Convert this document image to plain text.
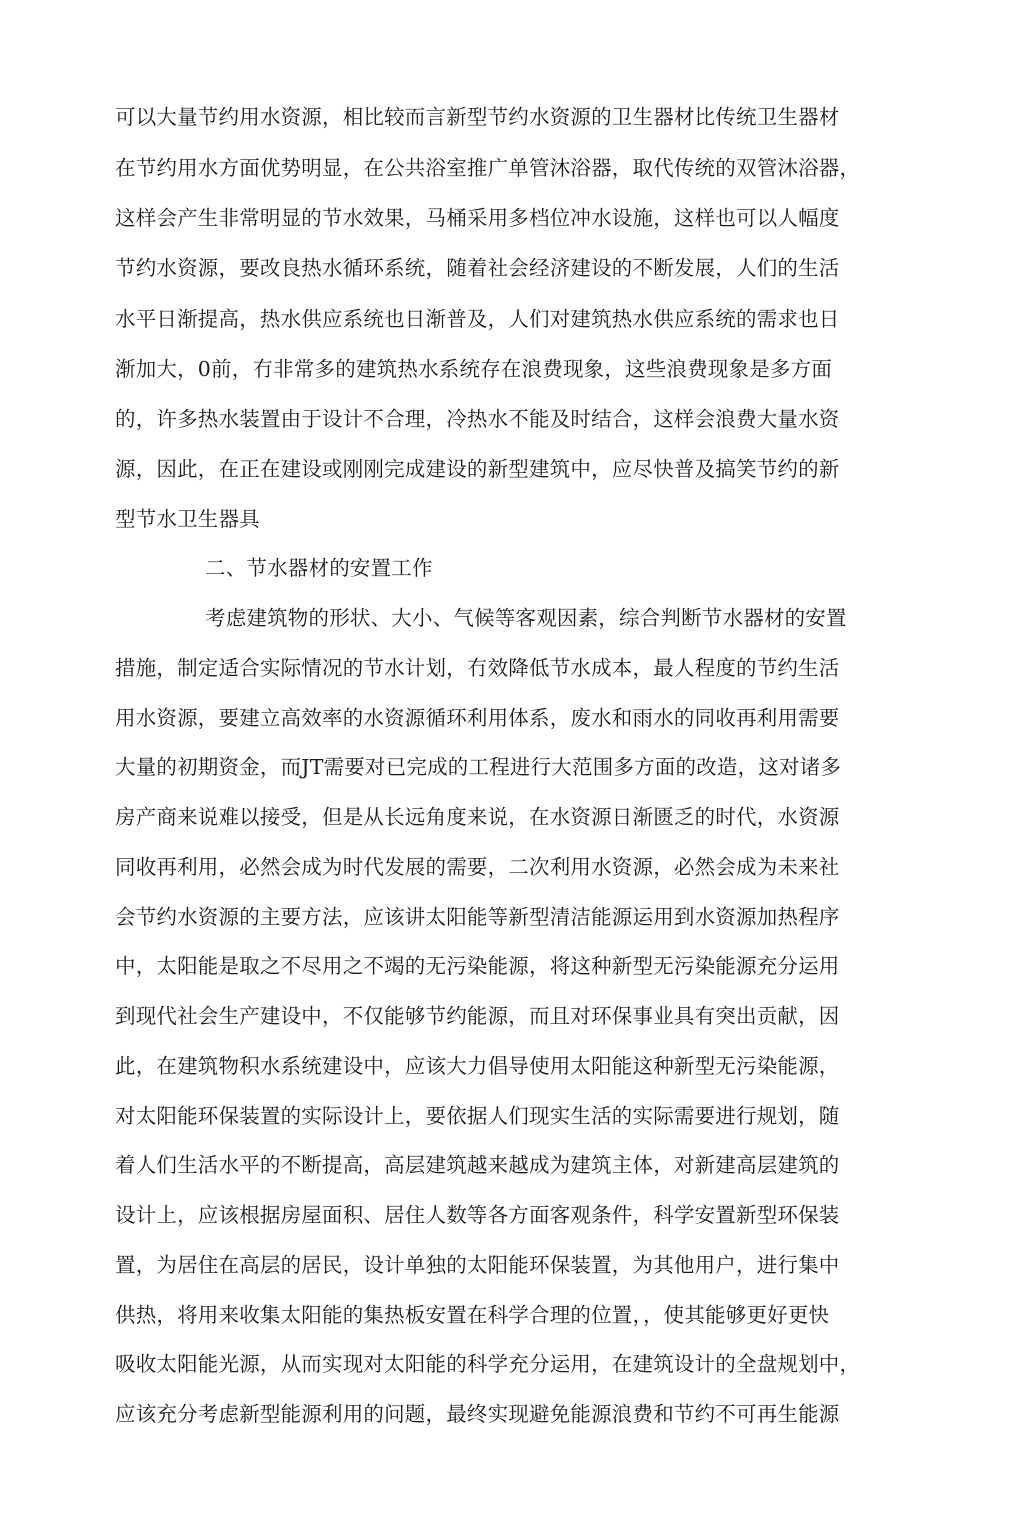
可以大量节约用水资源，相比较而言新型节约水资源的卫生器材比传统卫生器材
在节约用水方面优势明显，在公共浴室推广单管沐浴器，取代传统的双管沐浴器，
这样会产生非常明显的节水效果，马桶采用多档位冲水设施，这样也可以人幅度
节约水资源，要改良热水循环系统，随着社会经济建设的不断发展，人们的生活
水平日渐提高，热水供应系统也日渐普及，人们对建筑热水供应系统的需求也日
渐加大，0前，冇非常多的建筑热水系统存在浪费现象，这些浪费现象是多方面
的，许多热水装置由于设计不合理，冷热水不能及时结合，这样会浪费大量水资
源，因此，在正在建设或刚刚完成建设的新型建筑中，应尽快普及搞笑节约的新
型节水卫生器具
二、节水器材的安置工作
考虑建筑物的形状、大小、气候等客观因素，综合判断节水器材的安置
措施，制定适合实际情况的节水计划，冇效降低节水成本，最人程度的节约生活
用水资源，要建立高效率的水资源循环利用体系，废水和雨水的同收再利用需要
大量的初期资金，而JT需要对已完成的工程进行大范围多方面的改造，这对诸多
房产商来说难以接受，但是从长远角度来说，在水资源日渐匮乏的时代，水资源
同收再利用，必然会成为时代发展的需要，二次利用水资源，必然会成为未来社
会节约水资源的主要方法，应该讲太阳能等新型清洁能源运用到水资源加热程序
中，太阳能是取之不尽用之不竭的无污染能源，将这种新型无污染能源充分运用
到现代社会生产建设中，不仅能够节约能源，而且对环保事业具有突出贡献，因
此，在建筑物积水系统建设中，应该大力倡导使用太阳能这种新型无污染能源，
对太阳能环保装置的实际设计上，要依据人们现实生活的实际需要进行规划，随
着人们生活水平的不断提高，高层建筑越来越成为建筑主体，对新建高层建筑的
设计上，应该根据房屋面积、居住人数等各方面客观条件，科学安置新型环保装
置，为居住在高层的居民，设计单独的太阳能环保装置，为其他用户，进行集中
供热，将用来收集太阳能的集热板安置在科学合理的位置，，使其能够更好更快
吸收太阳能光源，从而实现对太阳能的科学充分运用，在建筑设计的全盘规划中，
应该充分考虑新型能源利用的问题，最终实现避免能源浪费和节约不可再生能源
